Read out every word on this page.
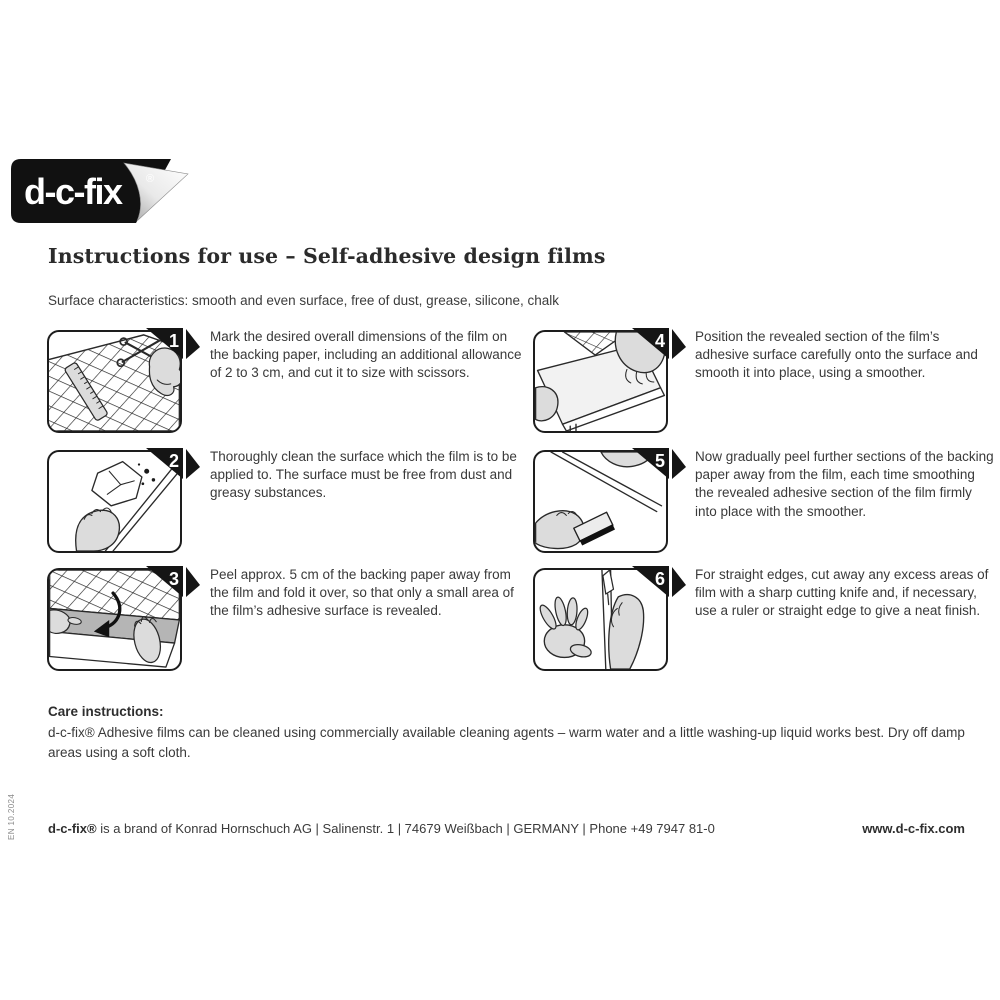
d-c-fix ®
Instructions for use – Self-adhesive design films

Surface characteristics: smooth and even surface, free of dust, grease, silicone, chalk

1 Mark the desired overall dimensions of the film on the backing paper, including an additional allowance of 2 to 3 cm, and cut it to size with scissors.

2 Thoroughly clean the surface which the film is to be applied to. The surface must be free from dust and greasy substances.

3 Peel approx. 5 cm of the backing paper away from the film and fold it over, so that only a small area of the film’s adhesive surface is revealed.

4 Position the revealed section of the film’s adhesive surface carefully onto the surface and smooth it into place, using a smoother.

5 Now gradually peel further sections of the backing paper away from the film, each time smoothing the revealed adhesive section of the film firmly into place with the smoother.

6 For straight edges, cut away any excess areas of film with a sharp cutting knife and, if necessary, use a ruler or straight edge to give a neat finish.

Care instructions:

d-c-fix® Adhesive films can be cleaned using commercially available cleaning agents – warm water and a little washing-up liquid works best. Dry off damp areas using a soft cloth.

d-c-fix® is a brand of Konrad Hornschuch AG | Salinenstr. 1 | 74679 Weißbach | GERMANY | Phone +49 7947 81-0	www.d-c-fix.com
EN 10.2024
